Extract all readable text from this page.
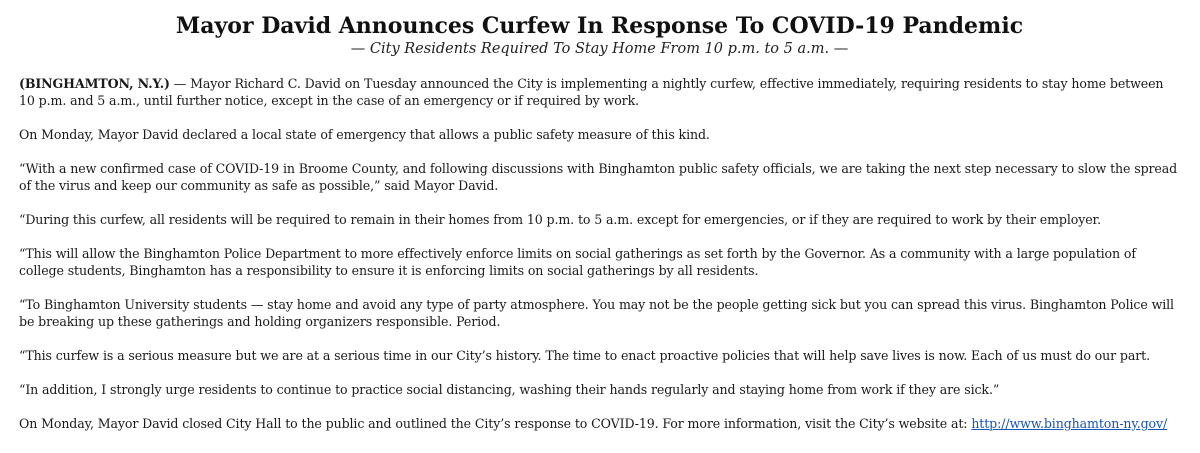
Mayor David Announces Curfew In Response To COVID-19 Pandemic
— City Residents Required To Stay Home From 10 p.m. to 5 a.m. —

(BINGHAMTON, N.Y.) — Mayor Richard C. David on Tuesday announced the City is implementing a nightly curfew, effective immediately, requiring residents to stay home between 10 p.m. and 5 a.m., until further notice, except in the case of an emergency or if required by work.

On Monday, Mayor David declared a local state of emergency that allows a public safety measure of this kind.

“With a new confirmed case of COVID-19 in Broome County, and following discussions with Binghamton public safety officials, we are taking the next step necessary to slow the spread of the virus and keep our community as safe as possible,” said Mayor David.

“During this curfew, all residents will be required to remain in their homes from 10 p.m. to 5 a.m. except for emergencies, or if they are required to work by their employer.

“This will allow the Binghamton Police Department to more effectively enforce limits on social gatherings as set forth by the Governor. As a community with a large population of college students, Binghamton has a responsibility to ensure it is enforcing limits on social gatherings by all residents.

“To Binghamton University students — stay home and avoid any type of party atmosphere. You may not be the people getting sick but you can spread this virus. Binghamton Police will be breaking up these gatherings and holding organizers responsible. Period.

“This curfew is a serious measure but we are at a serious time in our City’s history. The time to enact proactive policies that will help save lives is now. Each of us must do our part.

“In addition, I strongly urge residents to continue to practice social distancing, washing their hands regularly and staying home from work if they are sick.”

On Monday, Mayor David closed City Hall to the public and outlined the City’s response to COVID-19. For more information, visit the City’s website at: http://www.binghamton-ny.gov/
